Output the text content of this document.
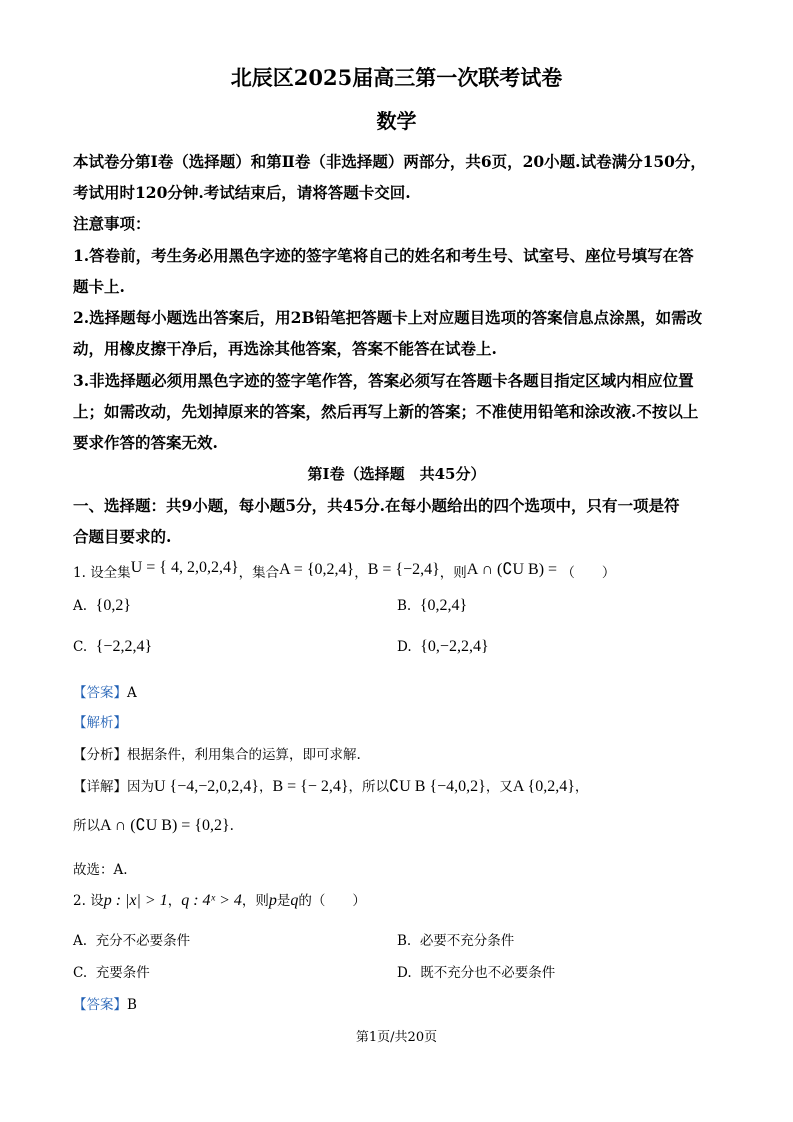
北辰区2025届高三第一次联考试卷
数学
本试卷分第Ⅰ卷（选择题）和第Ⅱ卷（非选择题）两部分，共6页，20小题.试卷满分150分，
考试用时120分钟.考试结束后，请将答题卡交回.
注意事项：
1.答卷前，考生务必用黑色字迹的签字笔将自己的姓名和考生号、试室号、座位号填写在答
题卡上.
2.选择题每小题选出答案后，用2B铅笔把答题卡上对应题目选项的答案信息点涂黑，如需改
动，用橡皮擦干净后，再选涂其他答案，答案不能答在试卷上.
3.非选择题必须用黑色字迹的签字笔作答，答案必须写在答题卡各题目指定区域内相应位置
上；如需改动，先划掉原来的答案，然后再写上新的答案；不准使用铅笔和涂改液.不按以上
要求作答的答案无效.
第Ⅰ卷（选择题　共45分）
一、选择题：共9小题，每小题5分，共45分.在每小题给出的四个选项中，只有一项是符
合题目要求的.
1. 设全集U = { 4, 2,0,2,4}，集合A = {0,2,4}，B = {−2,4}，则A ∩ (∁U B) = （　　）
A. {0,2}	B. {0,2,4}
C. {−2,2,4}	D. {0,−2,2,4}
【答案】A
【解析】
【分析】根据条件，利用集合的运算，即可求解.
【详解】因为U {−4,−2,0,2,4}，B = {− 2,4}，所以∁U B {−4,0,2}，又A {0,2,4}，
所以A ∩ (∁U B) = {0,2}.
故选：A.
2. 设p : |x| > 1，q : 4ˣ > 4，则p是q的（　　）
A. 充分不必要条件	B. 必要不充分条件
C. 充要条件	D. 既不充分也不必要条件
【答案】B
第1页/共20页
